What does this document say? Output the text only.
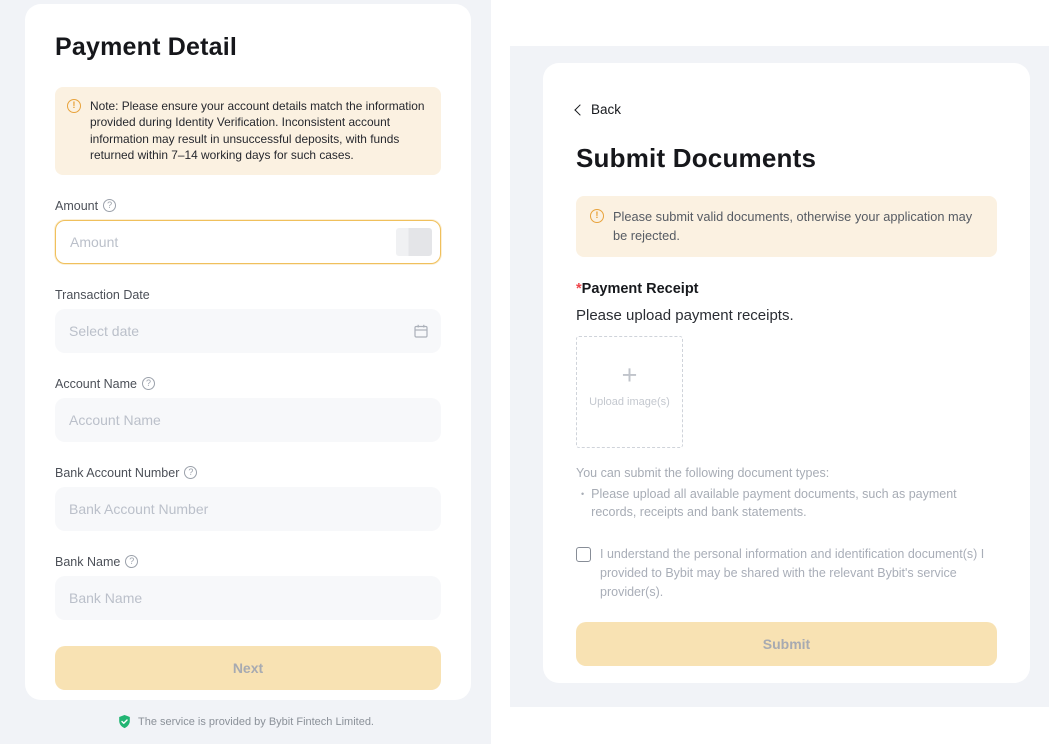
Payment Detail
!	Note: Please ensure your account details match the information provided during Identity Verification. Inconsistent account information may result in unsuccessful deposits, with funds returned within 7–14 working days for such cases.
Amount ?
Amount
Transaction Date
Select date
Account Name ?
Account Name
Bank Account Number ?
Bank Account Number
Bank Name ?
Bank Name
Next
The service is provided by Bybit Fintech Limited.
Back
Submit Documents
!	Please submit valid documents, otherwise your application may be rejected.
*Payment Receipt
Please upload payment receipts.
+
Upload image(s)
You can submit the following document types:
• Please upload all available payment documents, such as payment records, receipts and bank statements.
I understand the personal information and identification document(s) I provided to Bybit may be shared with the relevant Bybit's service provider(s).
Submit
